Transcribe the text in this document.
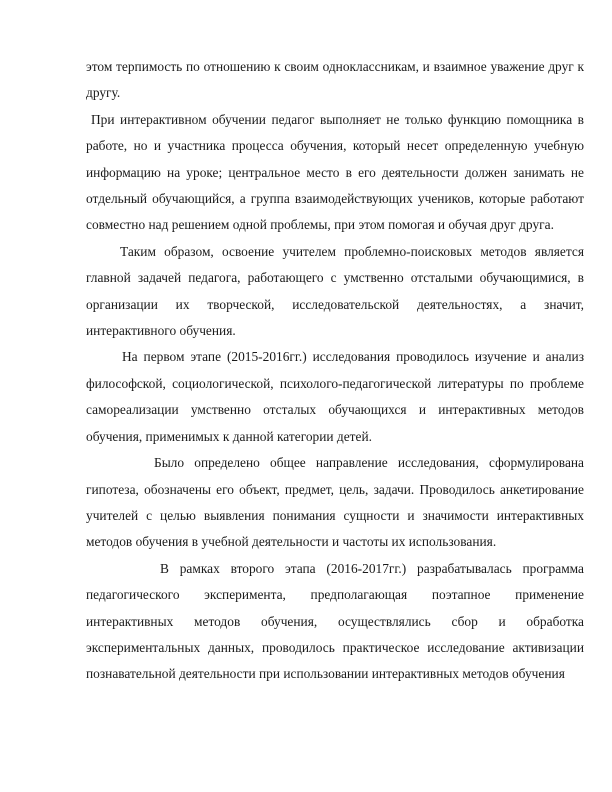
этом терпимость по отношению к своим одноклассникам, и взаимное уважение друг к другу.

При интерактивном обучении педагог выполняет не только функцию помощника в работе, но и участника процесса обучения, который несет определенную учебную информацию на уроке; центральное место в его деятельности должен занимать не отдельный обучающийся, а группа взаимодействующих учеников, которые работают совместно над решением одной проблемы, при этом помогая и обучая друг друга.

Таким образом, освоение учителем проблемно-поисковых методов является главной задачей педагога, работающего с умственно отсталыми обучающимися, в организации их творческой, исследовательской деятельностях, а значит, интерактивного обучения.

На первом этапе (2015-2016гг.) исследования проводилось изучение и анализ философской, социологической, психолого-педагогической литературы по проблеме самореализации умственно отсталых обучающихся и интерактивных методов обучения, применимых к данной категории детей.

Было определено общее направление исследования, сформулирована гипотеза, обозначены его объект, предмет, цель, задачи. Проводилось анкетирование учителей с целью выявления понимания сущности и значимости интерактивных методов обучения в учебной деятельности и частоты их использования.

В рамках второго этапа (2016-2017гг.) разрабатывалась программа педагогического эксперимента, предполагающая поэтапное применение интерактивных методов обучения, осуществлялись сбор и обработка экспериментальных данных, проводилось практическое исследование активизации познавательной деятельности при использовании интерактивных методов обучения
